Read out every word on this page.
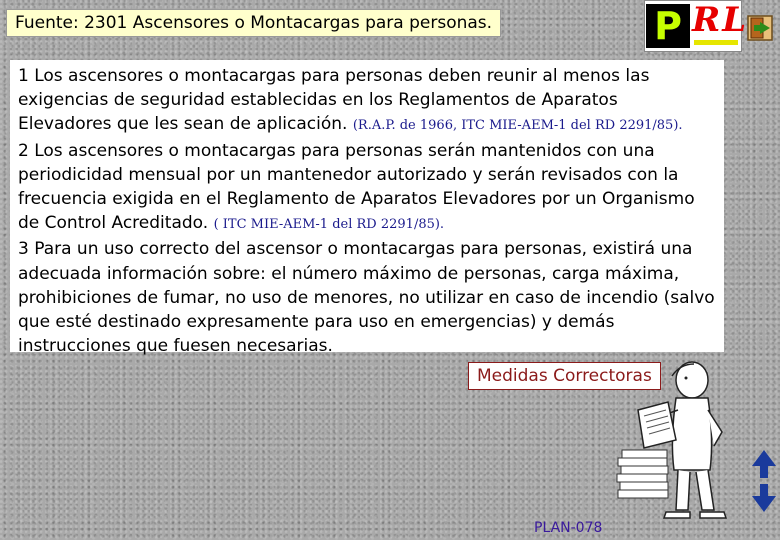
Fuente: 2301 Ascensores o Montacargas para personas.	P RL

1 Los ascensores o montacargas para personas deben reunir al menos las exigencias de seguridad establecidas en los Reglamentos de Aparatos Elevadores que les sean de aplicación. (R.A.P. de 1966, ITC MIE-AEM-1 del RD 2291/85).

2 Los ascensores o montacargas para personas serán mantenidos con una periodicidad mensual por un mantenedor autorizado y serán revisados con la frecuencia exigida en el Reglamento de Aparatos Elevadores por un Organismo de Control Acreditado. ( ITC MIE-AEM-1 del RD 2291/85).

3 Para un uso correcto del ascensor o montacargas para personas, existirá una adecuada información sobre: el número máximo de personas, carga máxima, prohibiciones de fumar, no uso de menores, no utilizar en caso de incendio (salvo que esté destinado expresamente para uso en emergencias) y demás instrucciones que fuesen necesarias.

Medidas Correctoras
PLAN-078
